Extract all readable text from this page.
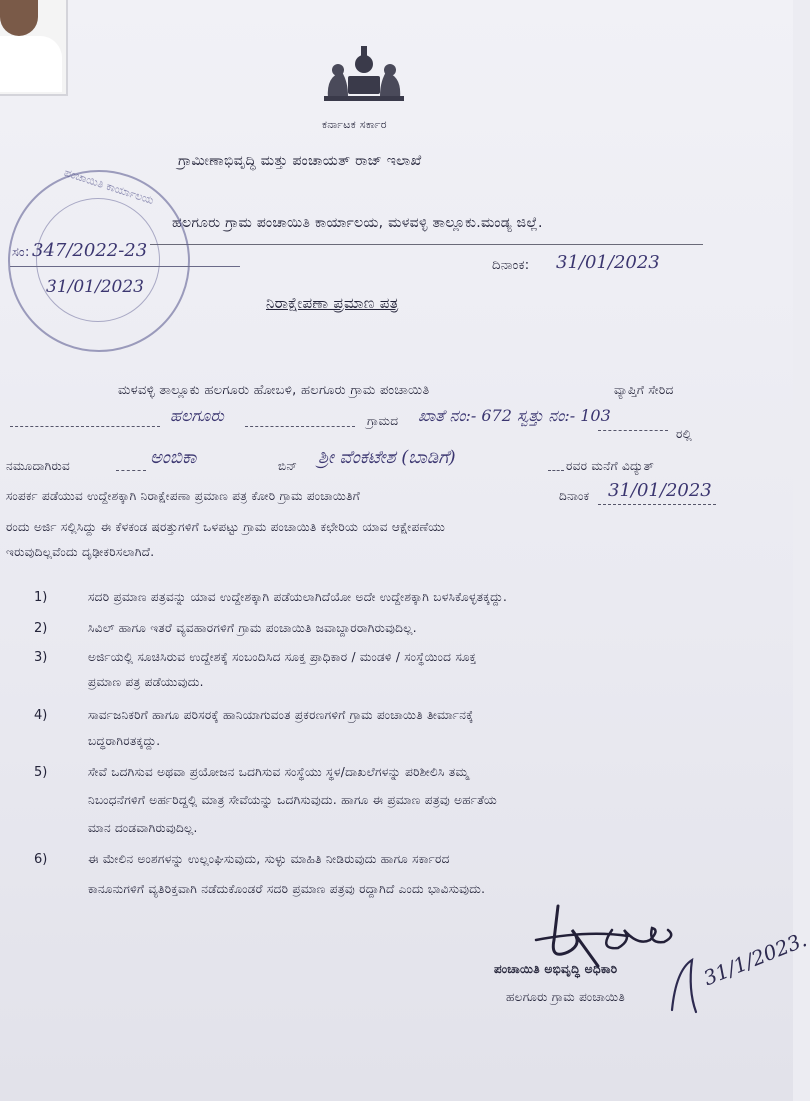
ಕರ್ನಾಟಕ ಸರ್ಕಾರ
ಗ್ರಾಮೀಣಾಭಿವೃದ್ಧಿ ಮತ್ತು ಪಂಚಾಯತ್ ರಾಜ್ ಇಲಾಖೆ
ಹಲಗೂರು ಗ್ರಾಮ ಪಂಚಾಯಿತಿ ಕಾರ್ಯಾಲಯ, ಮಳವಳ್ಳಿ ತಾಲ್ಲೂಕು.ಮಂಡ್ಯ ಜಿಲ್ಲೆ.
ಪಂಚಾಯಿತಿ ಕಾರ್ಯಾಲಯ
ಸಂ: 347/2022-23
31/01/2023
ದಿನಾಂಕ: 31/01/2023
ನಿರಾಕ್ಷೇಪಣಾ ಪ್ರಮಾಣ ಪತ್ರ
ಮಳವಳ್ಳಿ ತಾಲ್ಲೂಕು ಹಲಗೂರು ಹೋಬಳಿ, ಹಲಗೂರು ಗ್ರಾಮ ಪಂಚಾಯಿತಿ	ವ್ಯಾಪ್ತಿಗೆ ಸೇರಿದ
ಹಲಗೂರು	ಗ್ರಾಮದ ಖಾತೆ ನಂ:- 672 ಸ್ವತ್ತು ನಂ:- 103
ರಲ್ಲಿ
ನಮೂದಾಗಿರುವ	ಅಂಬಿಕಾ	ಬಿನ್ ಶ್ರೀ ವೆಂಕಟೇಶ (ಬಾಡಿಗೆ)	ರವರ ಮನೆಗೆ ವಿದ್ಯುತ್
ಸಂಪರ್ಕ ಪಡೆಯುವ ಉದ್ದೇಶಕ್ಕಾಗಿ ನಿರಾಕ್ಷೇಪಣಾ ಪ್ರಮಾಣ ಪತ್ರ ಕೋರಿ ಗ್ರಾಮ ಪಂಚಾಯಿತಿಗೆ	ದಿನಾಂಕ 31/01/2023
ರಂದು ಅರ್ಜಿ ಸಲ್ಲಿಸಿದ್ದು ಈ ಕೆಳಕಂಡ ಷರತ್ತುಗಳಿಗೆ ಒಳಪಟ್ಟು ಗ್ರಾಮ ಪಂಚಾಯಿತಿ ಕಛೇರಿಯ ಯಾವ ಆಕ್ಷೇಪಣೆಯು
ಇರುವುದಿಲ್ಲವೆಂದು ದೃಢೀಕರಿಸಲಾಗಿದೆ.
1)	ಸದರಿ ಪ್ರಮಾಣ ಪತ್ರವನ್ನು ಯಾವ ಉದ್ದೇಶಕ್ಕಾಗಿ ಪಡೆಯಲಾಗಿದೆಯೋ ಅದೇ ಉದ್ದೇಶಕ್ಕಾಗಿ ಬಳಸಿಕೊಳ್ಳತಕ್ಕದ್ದು.
2)	ಸಿವಿಲ್ ಹಾಗೂ ಇತರೆ ವ್ಯವಹಾರಗಳಿಗೆ ಗ್ರಾಮ ಪಂಚಾಯಿತಿ ಜವಾಬ್ದಾರರಾಗಿರುವುದಿಲ್ಲ.
3)	ಅರ್ಜಿಯಲ್ಲಿ ಸೂಚಿಸಿರುವ ಉದ್ದೇಶಕ್ಕೆ ಸಂಬಂದಿಸಿದ ಸೂಕ್ತ ಪ್ರಾಧಿಕಾರ / ಮಂಡಳಿ / ಸಂಸ್ಥೆಯಿಂದ ಸೂಕ್ತ
ಪ್ರಮಾಣ ಪತ್ರ ಪಡೆಯುವುದು.
4)	ಸಾರ್ವಜನಿಕರಿಗೆ ಹಾಗೂ ಪರಿಸರಕ್ಕೆ ಹಾನಿಯಾಗುವಂತ ಪ್ರಕರಣಗಳಿಗೆ ಗ್ರಾಮ ಪಂಚಾಯಿತಿ ತೀರ್ಮಾನಕ್ಕೆ
ಬದ್ಧರಾಗಿರತಕ್ಕದ್ದು.
5)	ಸೇವೆ ಒದಗಿಸುವ ಅಥವಾ ಪ್ರಯೋಜನ ಒದಗಿಸುವ ಸಂಸ್ಥೆಯು ಸ್ಥಳ/ದಾಖಲೆಗಳನ್ನು ಪರಿಶೀಲಿಸಿ ತಮ್ಮ
ನಿಬಂಧನೆಗಳಿಗೆ ಅರ್ಹರಿದ್ದಲ್ಲಿ ಮಾತ್ರ ಸೇವೆಯನ್ನು ಒದಗಿಸುವುದು. ಹಾಗೂ ಈ ಪ್ರಮಾಣ ಪತ್ರವು ಅರ್ಹತೆಯ
ಮಾನ ದಂಡವಾಗಿರುವುದಿಲ್ಲ.
6)	ಈ ಮೇಲಿನ ಅಂಶಗಳನ್ನು ಉಲ್ಲಂಘಿಸುವುದು, ಸುಳ್ಳು ಮಾಹಿತಿ ನೀಡಿರುವುದು ಹಾಗೂ ಸರ್ಕಾರದ
ಕಾನೂನುಗಳಿಗೆ ವ್ಯತಿರಿಕ್ತವಾಗಿ ನಡೆದುಕೊಂಡರೆ ಸದರಿ ಪ್ರಮಾಣ ಪತ್ರವು ರದ್ದಾಗಿದೆ ಎಂದು ಭಾವಿಸುವುದು.
ಪಂಚಾಯಿತಿ ಅಭಿವೃದ್ಧಿ ಅಧಿಕಾರಿ
ಹಲಗೂರು ಗ್ರಾಮ ಪಂಚಾಯಿತಿ
31/1/2023.
